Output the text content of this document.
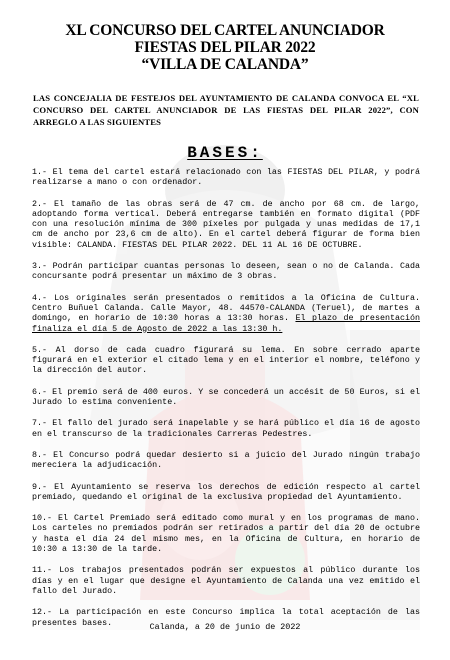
XL CONCURSO DEL CARTEL ANUNCIADOR
FIESTAS DEL PILAR 2022
“VILLA DE CALANDA”
LAS CONCEJALIA DE FESTEJOS DEL AYUNTAMIENTO DE CALANDA CONVOCA EL “XL CONCURSO DEL CARTEL ANUNCIADOR DE LAS FIESTAS DEL PILAR 2022”, CON ARREGLO A LAS SIGUIENTES
BASES:

1.- El tema del cartel estará relacionado con las FIESTAS DEL PILAR, y podrá realizarse a mano o con ordenador.

2.- El tamaño de las obras será de 47 cm. de ancho por 68 cm. de largo, adoptando forma vertical. Deberá entregarse también en formato digital (PDF con una resolución mínima de 300 píxeles por pulgada y unas medidas de 17,1 cm de ancho por 23,6 cm de alto). En el cartel deberá figurar de forma bien visible: CALANDA. FIESTAS DEL PILAR 2022. DEL 11 AL 16 DE OCTUBRE.

3.- Podrán participar cuantas personas lo deseen, sean o no de Calanda. Cada concursante podrá presentar un máximo de 3 obras.

4.- Los originales serán presentados o remitidos a la Oficina de Cultura. Centro Buñuel Calanda. Calle Mayor, 48. 44570-CALANDA (Teruel), de martes a domingo, en horario de 10:30 horas a 13:30 horas. El plazo de presentación finaliza el día 5 de Agosto de 2022 a las 13:30 h.

5.- Al dorso de cada cuadro figurará su lema. En sobre cerrado aparte figurará en el exterior el citado lema y en el interior el nombre, teléfono y la dirección del autor.

6.- El premio será de 400 euros. Y se concederá un accésit de 50 Euros, si el Jurado lo estima conveniente.

7.- El fallo del jurado será inapelable y se hará público el día 16 de agosto en el transcurso de la tradicionales Carreras Pedestres.

8.- El Concurso podrá quedar desierto si a juicio del Jurado ningún trabajo mereciera la adjudicación.

9.- El Ayuntamiento se reserva los derechos de edición respecto al cartel premiado, quedando el original de la exclusiva propiedad del Ayuntamiento.

10.- El Cartel Premiado será editado como mural y en los programas de mano. Los carteles no premiados podrán ser retirados a partir del día 20 de octubre y hasta el día 24 del mismo mes, en la Oficina de Cultura, en horario de 10:30 a 13:30 de la tarde.

11.- Los trabajos presentados podrán ser expuestos al público durante los días y en el lugar que designe el Ayuntamiento de Calanda una vez emitido el fallo del Jurado.

12.- La participación en este Concurso implica la total aceptación de las presentes bases.	Calanda, a 20 de junio de 2022
